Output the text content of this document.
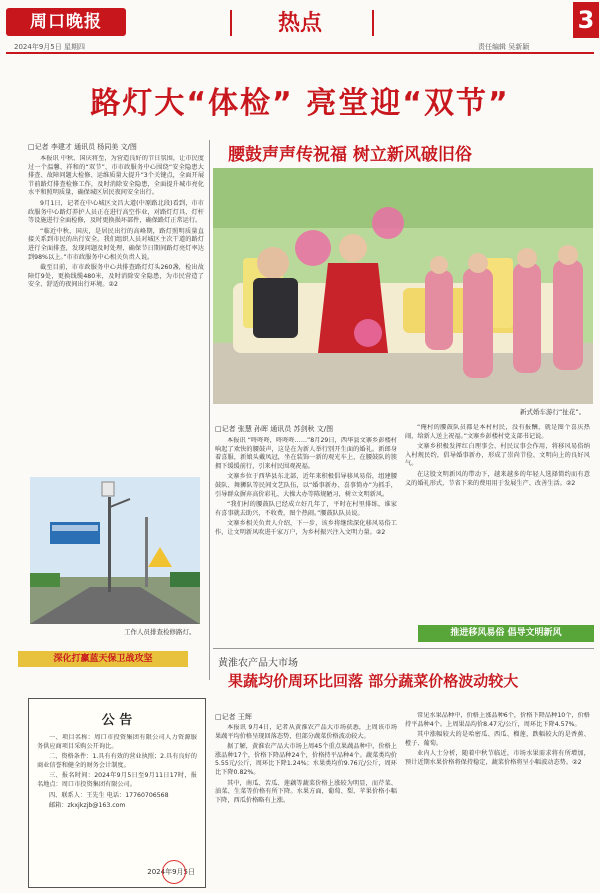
周口晚报	热点	3
2024年9月5日 星期四	责任编辑 吴新颖
路灯大“体检” 亮堂迎“双节”
□记者 李建才 通讯员 杨同美 文/图

本报讯 中秋、国庆将至，为营造良好的节日氛围，让市民度过一个温馨、祥和的“双节”，市市政服务中心围绕“安全隐患大排查、故障问题大检修、运维质量大提升”3个关键点，全面开展节前路灯排查检修工作，及时消除安全隐患，全面提升城市亮化水平和照明质量，确保城区居民夜间安全出行。

9月1日，记者在中心城区文昌大道(中原路北段)看到，市市政服务中心路灯养护人员正在进行高空作业，对路灯灯具、灯杆等设施进行全面检修，及时更换损坏部件，确保路灯正常运行。

“临近中秋、国庆，是居民出行的高峰期，路灯照明质量直接关系到市民的出行安全。我们组织人员对城区主次干道的路灯进行全面排查，发现问题及时处理，确保节日期间路灯亮灯率达到98%以上。”市市政服务中心相关负责人说。

截至目前，市市政服务中心共排查路灯灯头260盏，检出故障灯9处，更换线缆480米，及时消除安全隐患，为市民营造了安全、舒适的夜间出行环境。②2

工作人员排查检修路灯。
深化打赢蓝天保卫战攻坚
公 告

一、项目名称：周口市投资集团有限公司人力资源服务供应商项目采购公开询比。

二、资格条件：1.具有有效的营业执照；2.具有良好的商业信誉和健全的财务会计制度。

三、报名时间：2024年9月5日至9月11日17时，报名地点：周口市投资集团有限公司。

四、联系人：王先生 电话：17760706568

邮箱：zkxjkzjb@163.com

2024年9月5日
腰鼓声声传祝福 树立新风破旧俗
新式婚车游行“扯花”。
□记者 张慧 孙晖 通讯员 苏剑秋 文/图

本报讯 “咚咚咚，咚咚咚……”8月29日，西华县文寨乡彭楼村响起了欢快的腰鼓声，这是在为新人举行别开生面的婚礼。新郎身着喜服，新娘头戴凤冠，坐在装饰一新的观光车上，在腰鼓队的簇拥下缓缓前行，引来村民围观祝福。

文寨乡位于西华县东北部，近年来积极倡导移风易俗，组建腰鼓队、舞狮队等民间文艺队伍，以“婚事新办、喜事简办”为抓手，引导群众摒弃高价彩礼、大操大办等陈规陋习，树立文明新风。

“我们村的腰鼓队已经成立好几年了，平时在村里排练，谁家有喜事就去助兴，不收费，图个热闹。”腰鼓队队员说。

文寨乡相关负责人介绍，下一步，该乡将继续深化移风易俗工作，让文明新风吹进千家万户，为乡村振兴注入文明力量。②2

“俺村的腰鼓队员都是本村村民，没有报酬，就是图个喜庆热闹，给新人送上祝福。”文寨乡彭楼村党支部书记说。

文寨乡积极发挥红白理事会、村民议事会作用，将移风易俗纳入村规民约，倡导婚事新办，形成了崇尚节俭、文明向上的良好风气。

在这股文明新风的带动下，越来越多的年轻人选择简约而有意义的婚礼形式，节省下来的费用用于发展生产、改善生活。②2

推进移风易俗 倡导文明新风
黄淮农产品大市场
果蔬均价周环比回落 部分蔬菜价格波动较大
□记者 王辉

本报讯 9月4日，记者从黄淮农产品大市场获悉，上周该市场果蔬平均价格呈现回落态势，但部分蔬菜价格波动较大。

据了解，黄淮农产品大市场上周45个重点果蔬品种中，价格上涨品种17个，价格下降品种24个，价格持平品种4个。蔬菜类均价5.55元/公斤，周环比下降1.24%；水果类均价9.76元/公斤，周环比下降0.82%。

其中，南瓜、苦瓜、莲藕等蔬菜价格上涨较为明显，而芹菜、油菜、生菜等价格有所下降。水果方面，葡萄、梨、苹果价格小幅下降，西瓜价格略有上涨。

常见水果品种中，价格上涨品种6个，价格下降品种10个，价格持平品种4个。上周果品均价8.47元/公斤，周环比下降4.57%。

其中涨幅较大的是哈密瓜、西瓜、榴莲，跌幅较大的是香蕉、橙子、葡萄。

业内人士分析，随着中秋节临近，市场水果需求将有所增加，预计近期水果价格将保持稳定，蔬菜价格将呈小幅波动态势。②2
